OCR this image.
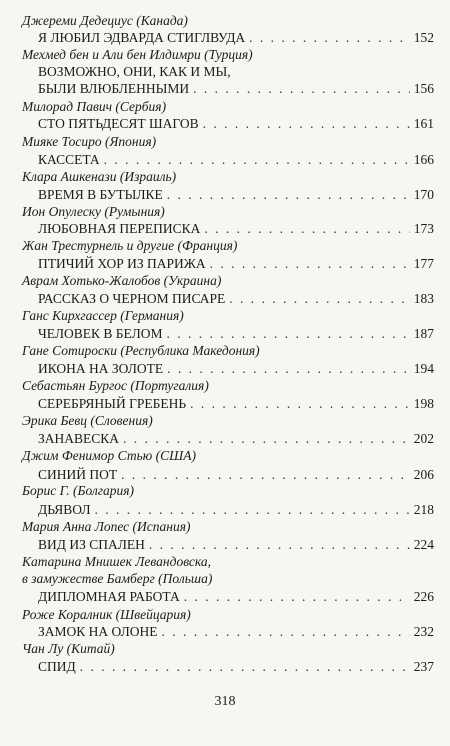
Джереми Дедециус (Канада)
Я ЛЮБИЛ ЭДВАРДА СТИГЛВУДА . . .	152
Мехмед бен и Али бен Илдимри (Турция)
ВОЗМОЖНО, ОНИ, КАК И МЫ,
БЫЛИ ВЛЮБЛЕННЫМИ . . .	156
Милорад Павич (Сербия)
СТО ПЯТЬДЕСЯТ ШАГОВ . . .	161
Мияке Тосиро (Япония)
КАССЕТА . . .	166
Клара Ашкенази (Израиль)
ВРЕМЯ В БУТЫЛКЕ . . .	170
Ион Опулеску (Румыния)
ЛЮБОВНАЯ ПЕРЕПИСКА . . .	173
Жан Трестурнель и другие (Франция)
ПТИЧИЙ ХОР ИЗ ПАРИЖА . . .	177
Аврам Хотько-Жалобов (Украина)
РАССКАЗ О ЧЕРНОМ ПИСАРЕ . . .	183
Ганс Кирхгассер (Германия)
ЧЕЛОВЕК В БЕЛОМ . . .	187
Гане Сотироски (Республика Македония)
ИКОНА НА ЗОЛОТЕ . . .	194
Себастьян Бургос (Португалия)
СЕРЕБРЯНЫЙ ГРЕБЕНЬ . . .	198
Эрика Бевц (Словения)
ЗАНАВЕСКА . . .	202
Джим Фенимор Стью (США)
СИНИЙ ПОТ . . .	206
Борис Г. (Болгария)
ДЬЯВОЛ . . .	218
Мария Анна Лопес (Испания)
ВИД ИЗ СПАЛЕН . . .	224
Катарина Мнишек Левандовска,
в замужестве Бамберг (Польша)
ДИПЛОМНАЯ РАБОТА . . .	226
Роже Коралник (Швейцария)
ЗАМОК НА ОЛОНЕ . . .	232
Чан Лу (Китай)
СПИД . . .	237
318
